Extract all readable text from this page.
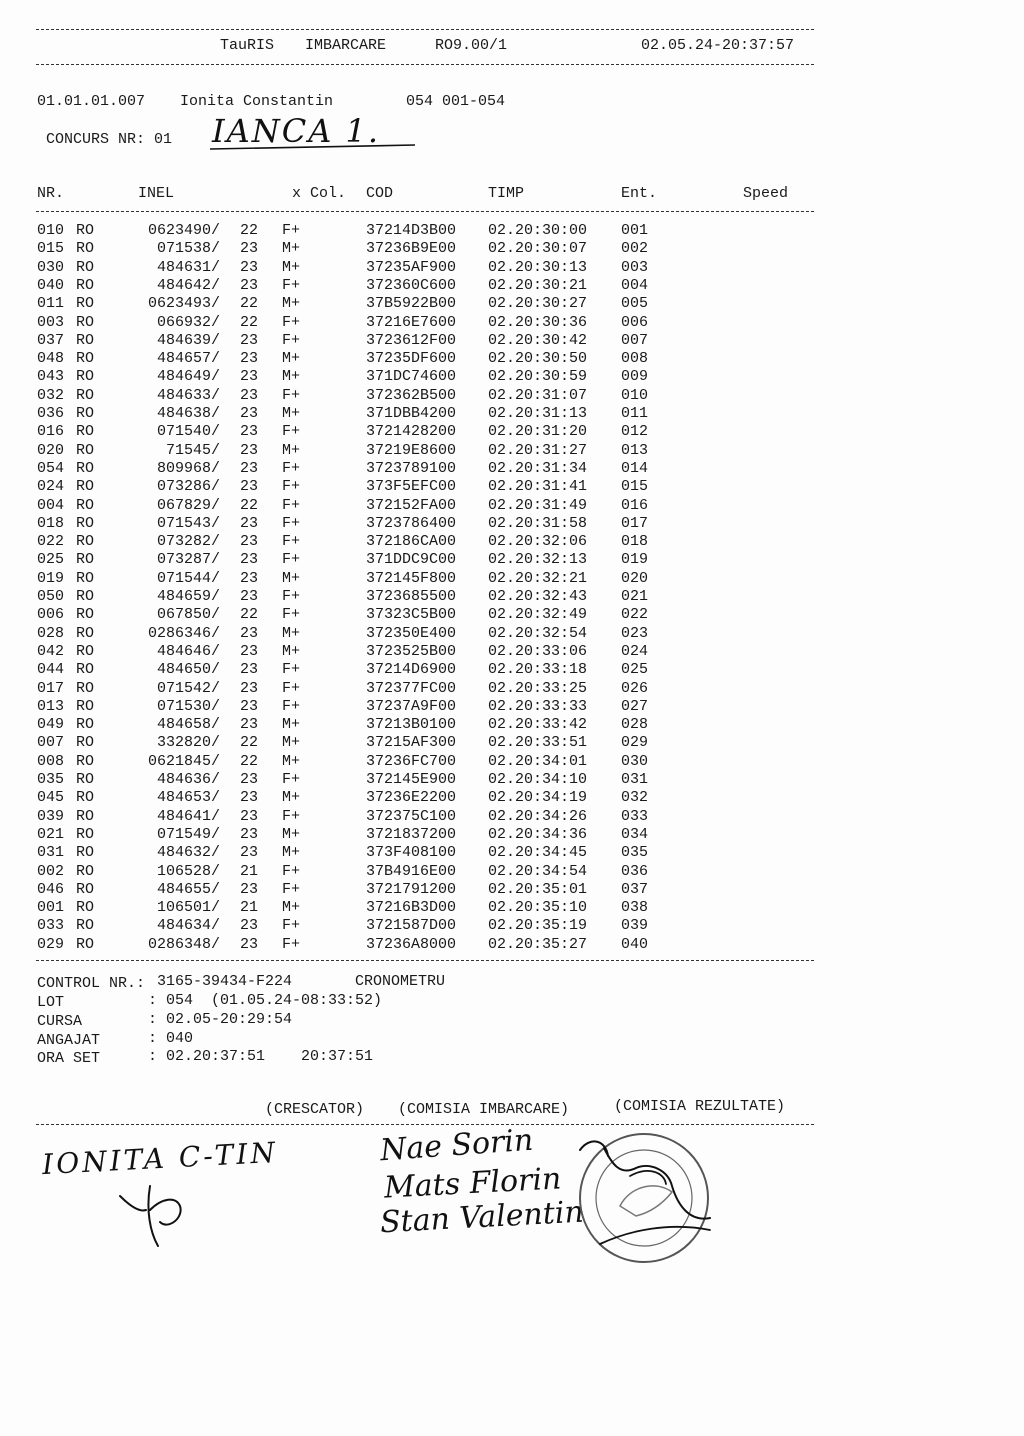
TauRIS IMBARCARE	RO9.00/1	02.05.24-20:37:57
01.01.01.007 Ionita Constantin	054 001-054
CONCURS NR: 01 IANCA 1.
NR.	INEL	x Col. COD	TIMP	Ent.	Speed
010 RO	0623490/ 22 F+	37214D3B00 02.20:30:00 001
015 RO	071538/ 23 M+	37236B9E00 02.20:30:07 002
030 RO	484631/ 23 M+	37235AF900 02.20:30:13 003
040 RO	484642/ 23 F+	372360C600 02.20:30:21 004
011 RO	0623493/ 22 M+	37B5922B00 02.20:30:27 005
003 RO	066932/ 22 F+	37216E7600 02.20:30:36 006
037 RO	484639/ 23 F+	3723612F00 02.20:30:42 007
048 RO	484657/ 23 M+	37235DF600 02.20:30:50 008
043 RO	484649/ 23 M+	371DC74600 02.20:30:59 009
032 RO	484633/ 23 F+	372362B500 02.20:31:07 010
036 RO	484638/ 23 M+	371DBB4200 02.20:31:13 011
016 RO	071540/ 23 F+	3721428200 02.20:31:20 012
020 RO	71545/ 23 M+	37219E8600 02.20:31:27 013
054 RO	809968/ 23 F+	3723789100 02.20:31:34 014
024 RO	073286/ 23 F+	373F5EFC00 02.20:31:41 015
004 RO	067829/ 22 F+	372152FA00 02.20:31:49 016
018 RO	071543/ 23 F+	3723786400 02.20:31:58 017
022 RO	073282/ 23 F+	372186CA00 02.20:32:06 018
025 RO	073287/ 23 F+	371DDC9C00 02.20:32:13 019
019 RO	071544/ 23 M+	372145F800 02.20:32:21 020
050 RO	484659/ 23 F+	3723685500 02.20:32:43 021
006 RO	067850/ 22 F+	37323C5B00 02.20:32:49 022
028 RO	0286346/ 23 M+	372350E400 02.20:32:54 023
042 RO	484646/ 23 M+	3723525B00 02.20:33:06 024
044 RO	484650/ 23 F+	37214D6900 02.20:33:18 025
017 RO	071542/ 23 F+	372377FC00 02.20:33:25 026
013 RO	071530/ 23 F+	37237A9F00 02.20:33:33 027
049 RO	484658/ 23 M+	37213B0100 02.20:33:42 028
007 RO	332820/ 22 M+	37215AF300 02.20:33:51 029
008 RO	0621845/ 22 M+	37236FC700 02.20:34:01 030
035 RO	484636/ 23 F+	372145E900 02.20:34:10 031
045 RO	484653/ 23 M+	37236E2200 02.20:34:19 032
039 RO	484641/ 23 F+	372375C100 02.20:34:26 033
021 RO	071549/ 23 M+	3721837200 02.20:34:36 034
031 RO	484632/ 23 M+	373F408100 02.20:34:45 035
002 RO	106528/ 21 F+	37B4916E00 02.20:34:54 036
046 RO	484655/ 23 F+	3721791200 02.20:35:01 037
001 RO	106501/ 21 M+	37216B3D00 02.20:35:10 038
033 RO	484634/ 23 F+	3721587D00 02.20:35:19 039
029 RO	0286348/ 23 F+	37236A8000 02.20:35:27 040
CONTROL NR.: 3165-39434-F224	CRONOMETRU
LOT	: 054  (01.05.24-08:33:52)
CURSA	: 02.05-20:29:54
ANGAJAT	: 040
ORA SET	: 02.20:37:51    20:37:51
(CRESCATOR) (COMISIA IMBARCARE)	(COMISIA REZULTATE)
IONITA C-TIN	Nae Sorin
Mats Florin
Stan Valentin
